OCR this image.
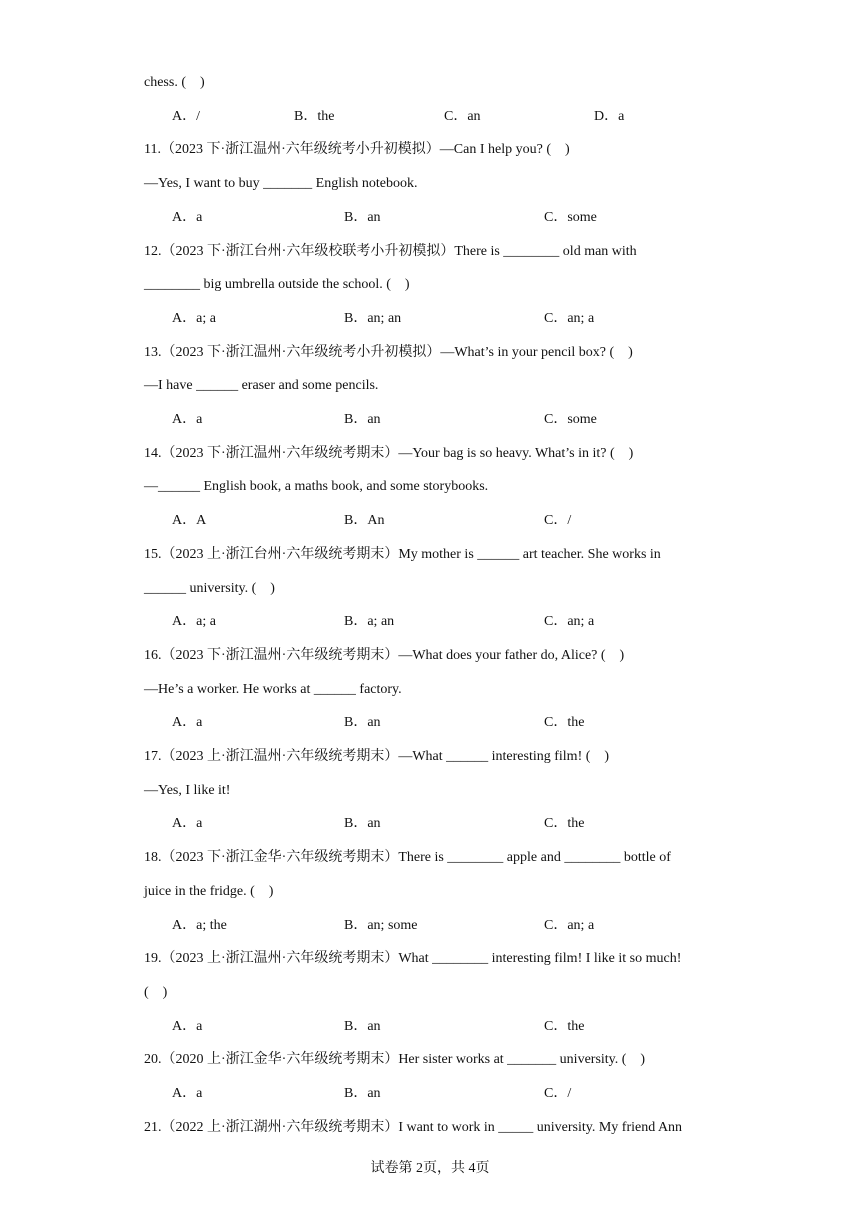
chess. (    )
A．/	B．the	C．an	D．a
11.（2023 下·浙江温州·六年级统考小升初模拟）—Can I help you? (    )
—Yes, I want to buy _______ English notebook.
A．a	B．an	C．some
12.（2023 下·浙江台州·六年级校联考小升初模拟）There is ________ old man with
________ big umbrella outside the school. (    )
A．a; a	B．an; an	C．an; a
13.（2023 下·浙江温州·六年级统考小升初模拟）—What’s in your pencil box? (    )
—I have ______ eraser and some pencils.
A．a	B．an	C．some
14.（2023 下·浙江温州·六年级统考期末）—Your bag is so heavy. What’s in it? (    )
—______ English book, a maths book, and some storybooks.
A．A	B．An	C．/
15.（2023 上·浙江台州·六年级统考期末）My mother is ______ art teacher. She works in
______ university. (    )
A．a; a	B．a; an	C．an; a
16.（2023 下·浙江温州·六年级统考期末）—What does your father do, Alice? (    )
—He’s a worker. He works at ______ factory.
A．a	B．an	C．the
17.（2023 上·浙江温州·六年级统考期末）—What ______ interesting film! (    )
—Yes, I like it!
A．a	B．an	C．the
18.（2023 下·浙江金华·六年级统考期末）There is ________ apple and ________ bottle of
juice in the fridge. (    )
A．a; the	B．an; some	C．an; a
19.（2023 上·浙江温州·六年级统考期末）What ________ interesting film! I like it so much!
(    )
A．a	B．an	C．the
20.（2020 上·浙江金华·六年级统考期末）Her sister works at _______ university. (    )
A．a	B．an	C．/
21.（2022 上·浙江湖州·六年级统考期末）I want to work in _____ university. My friend Ann
试卷第 2页，共 4页
